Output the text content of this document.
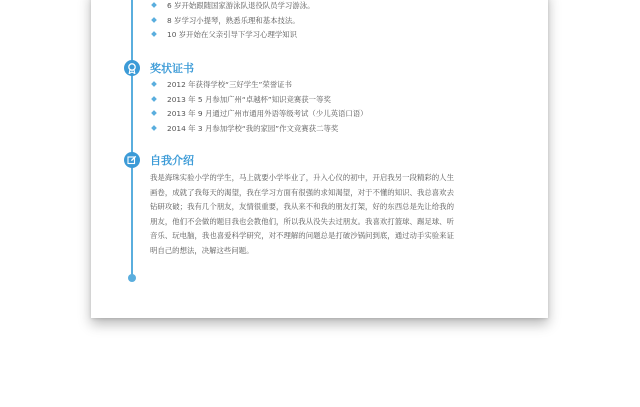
6 岁开始跟随国家游泳队退役队员学习游泳。
8 岁学习小提琴，熟悉乐理和基本技法。
10 岁开始在父亲引导下学习心理学知识
奖状证书
2012 年获得学校“三好学生”荣誉证书
2013 年 5 月参加广州“卓越杯”知识竞赛获一等奖
2013 年 9 月通过广州市通用外语等级考试（少儿英语口语）
2014 年 3 月参加学校“我的家园”作文竞赛获二等奖
自我介绍

我是海珠实验小学的学生，马上就要小学毕业了，升入心仪的初中，开启我另一段精彩的人生画卷，成就了我每天的渴望，我在学习方面有很强的求知渴望，对于不懂的知识、我总喜欢去钻研攻破；我有几个朋友，友情很重要，我从来不和我的朋友打架，好的东西总是先让给我的朋友，他们不会做的题目我也会教他们，所以我从没失去过朋友。我喜欢打篮球、踢足球、听音乐、玩电脑，我也喜爱科学研究，对不理解的问题总是打破沙锅问到底，通过动手实验来证明自己的想法，决解这些问题。
